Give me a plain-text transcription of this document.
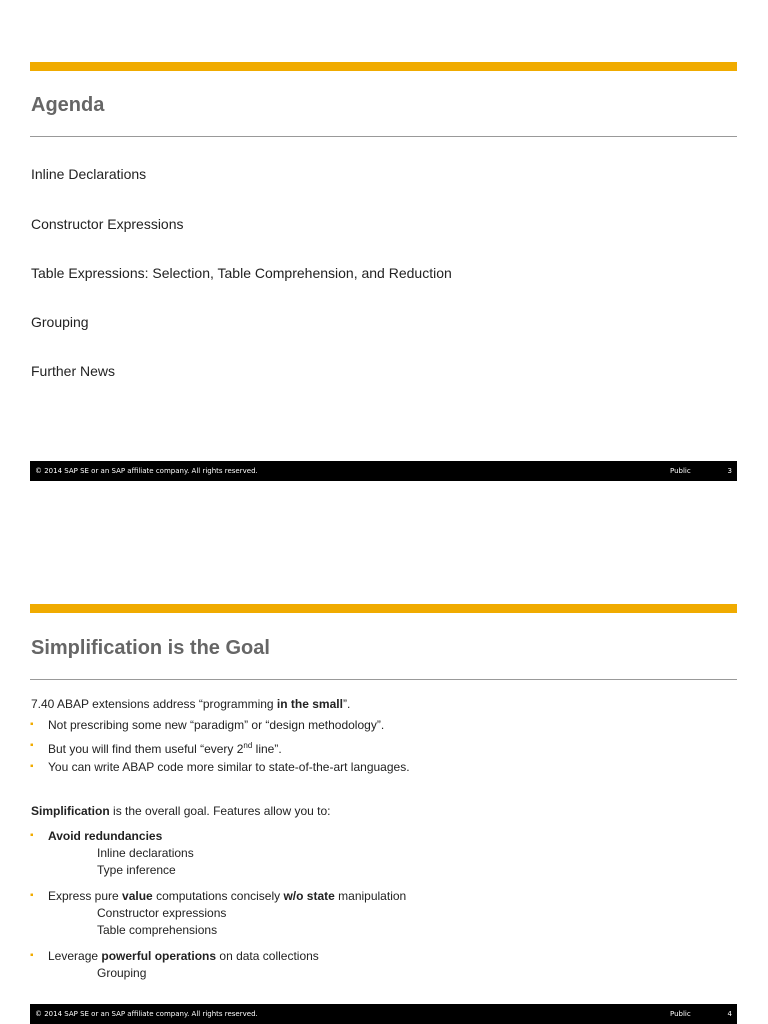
Agenda
Inline Declarations
Constructor Expressions
Table Expressions: Selection, Table Comprehension, and Reduction
Grouping
Further News
© 2014 SAP SE or an SAP affiliate company. All rights reserved.	Public	3
Simplification is the Goal
7.40 ABAP extensions address “programming in the small”.
▪ Not prescribing some new “paradigm” or “design methodology”.
▪ But you will find them useful “every 2nd line”.
▪ You can write ABAP code more similar to state-of-the-art languages.
Simplification is the overall goal. Features allow you to:
▪ Avoid redundancies
Inline declarations
Type inference
▪ Express pure value computations concisely w/o state manipulation
Constructor expressions
Table comprehensions
▪ Leverage powerful operations on data collections
Grouping
© 2014 SAP SE or an SAP affiliate company. All rights reserved.	Public	4
